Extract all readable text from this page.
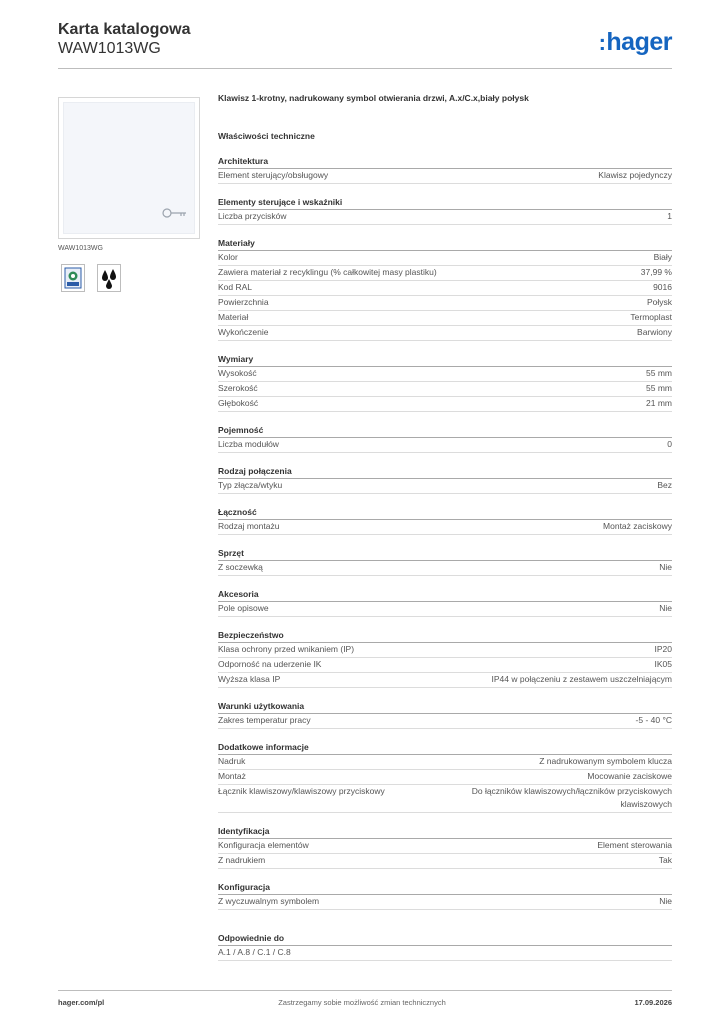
Karta katalogowa
WAW1013WG	:hager
WAW1013WG
Klawisz 1-krotny, nadrukowany symbol otwierania drzwi, A.x/C.x,biały połysk
Właściwości techniczne
Architektura
Element sterujący/obsługowy	Klawisz pojedynczy
Elementy sterujące i wskaźniki
Liczba przycisków	1
Materiały
Kolor	Biały
Zawiera materiał z recyklingu (% całkowitej masy plastiku)	37,99 %
Kod RAL	9016
Powierzchnia	Połysk
Materiał	Termoplast
Wykończenie	Barwiony
Wymiary
Wysokość	55 mm
Szerokość	55 mm
Głębokość	21 mm
Pojemność
Liczba modułów	0
Rodzaj połączenia
Typ złącza/wtyku	Bez
Łączność
Rodzaj montażu	Montaż zaciskowy
Sprzęt
Z soczewką	Nie
Akcesoria
Pole opisowe	Nie
Bezpieczeństwo
Klasa ochrony przed wnikaniem (IP)	IP20
Odporność na uderzenie IK	IK05
Wyższa klasa IP	IP44 w połączeniu z zestawem uszczelniającym
Warunki użytkowania
Zakres temperatur pracy	-5 - 40 °C
Dodatkowe informacje
Nadruk	Z nadrukowanym symbolem klucza
Montaż	Mocowanie zaciskowe
Łącznik klawiszowy/klawiszowy przyciskowy	Do łączników klawiszowych/łączników przyciskowych klawiszowych
Identyfikacja
Konfiguracja elementów	Element sterowania
Z nadrukiem	Tak
Konfiguracja
Z wyczuwalnym symbolem	Nie
Odpowiednie do
A.1 / A.8 / C.1 / C.8
hager.com/pl	Zastrzegamy sobie możliwość zmian technicznych	17.09.2026
